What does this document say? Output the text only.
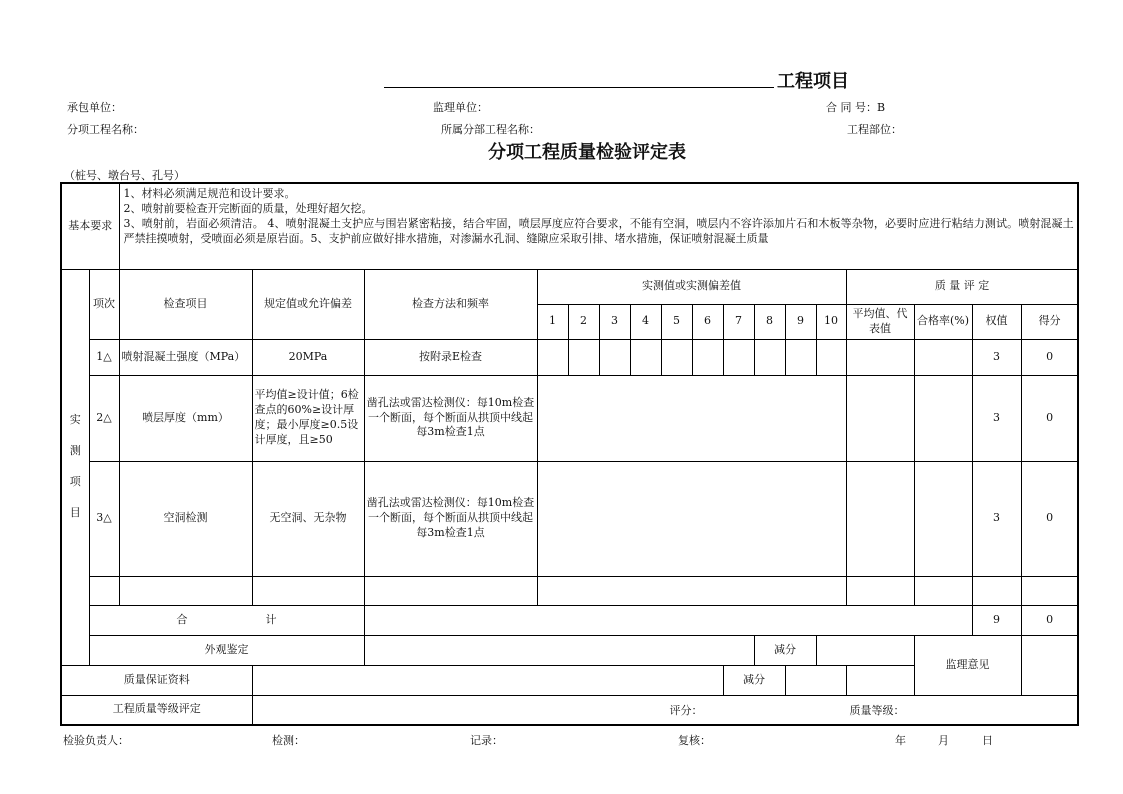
工程项目
承包单位：	监理单位：	合 同 号：B
分项工程名称：	所属分部工程名称：	工程部位：
分项工程质量检验评定表
（桩号、墩台号、孔号）
基本要求		1、材料必须满足规范和设计要求。
2、喷射前要检查开完断面的质量，处理好超欠挖。
3、喷射前，岩面必须清洁。 4、喷射混凝土支护应与围岩紧密粘接，结合牢固，喷层厚度应符合要求，不能有空洞，喷层内不容许添加片石和木板等杂物，必要时应进行粘结力测试。喷射混凝土严禁挂摸喷射，受喷面必须是原岩面。5、支护前应做好排水措施，对渗漏水孔洞、缝隙应采取引排、堵水措施，保证喷射混凝土质量																

实
测
项
目	项次	检查项目	规定值或允许偏差	检查方法和频率	实测值或实测偏差值										质 量 评 定			
					1	2	3	4	5	6	7	8	9	10	平均值、代表值	合格率(%)	权值	得分
	1△	喷射混凝土强度（MPa）	20MPa	按附录E检查													3	0
	2△	喷层厚度（mm）	平均值≥设计值；6检查点的60%≥设计厚度；最小厚度≥0.5设计厚度，且≥50	凿孔法或雷达检测仪：每10m检查一个断面，每个断面从拱顶中线起每3m检查1点													3	0
	3△	空洞检测	无空洞、无杂物	凿孔法或雷达检测仪：每10m检查一个断面，每个断面从拱顶中线起每3m检查1点													3	0

	合 计																9	0
	外观鉴定											减分				监理意见		
质量保证资料											减分							
工程质量等级评定			评分： 质量等级：															
检验负责人：	检测：	记录：	复核：	年	月	日
